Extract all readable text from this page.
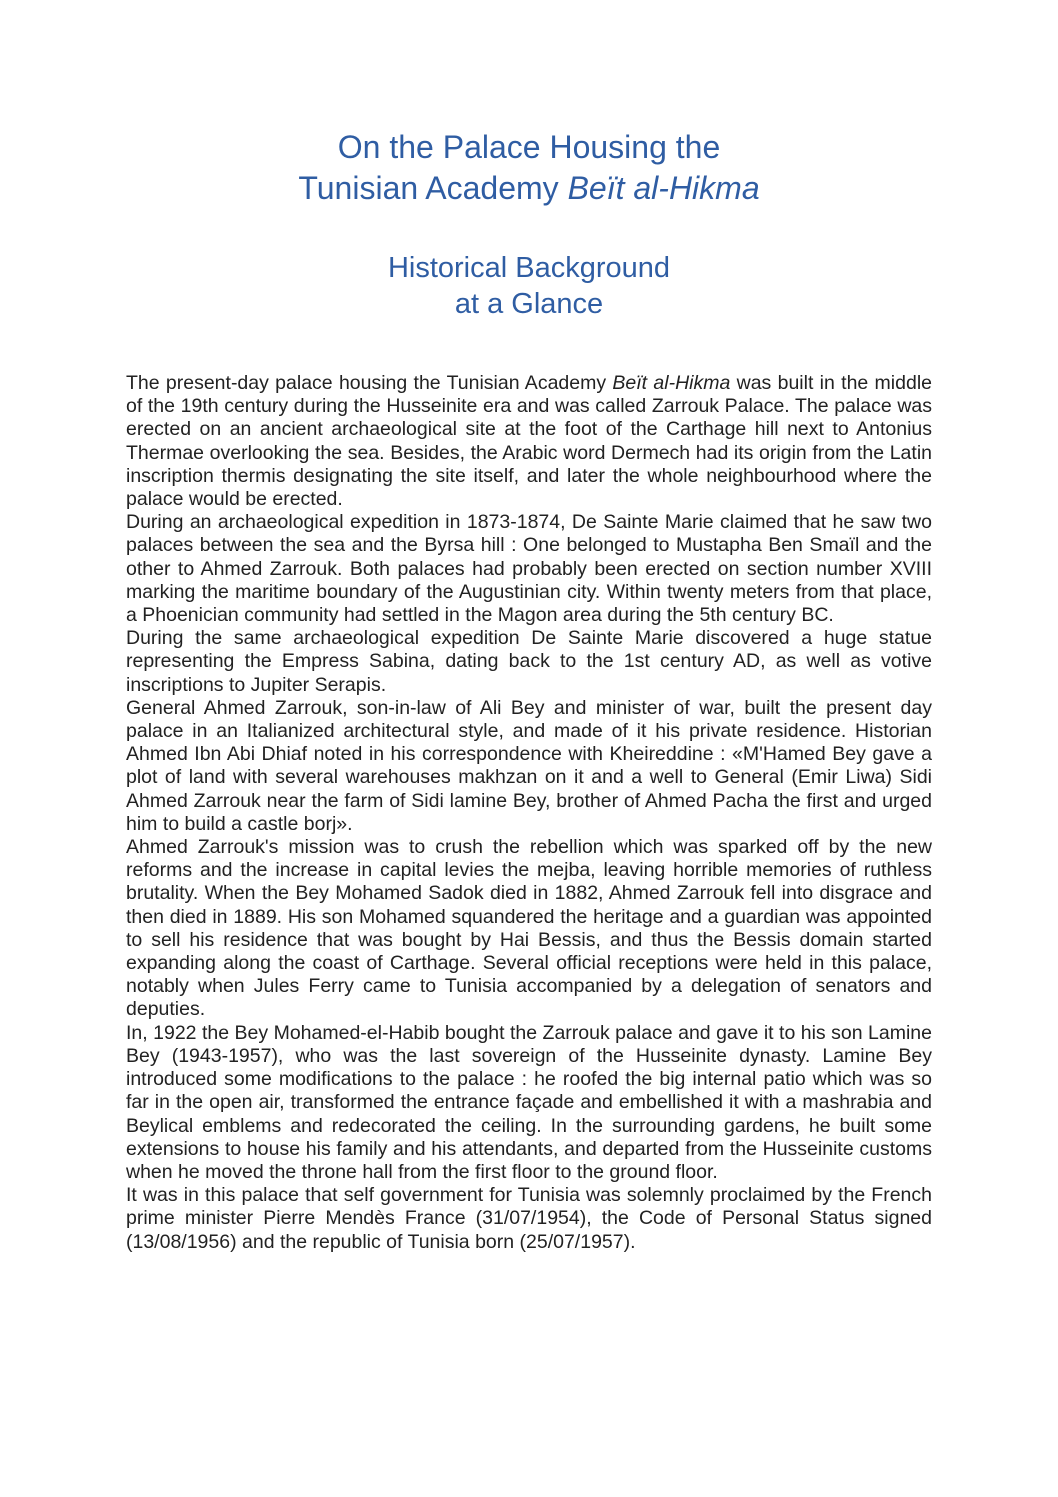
On the Palace Housing the
Tunisian Academy Beït al-Hikma
Historical Background
at a Glance

The present-day palace housing the Tunisian Academy Beït al-Hikma was built in the middle of the 19th century during the Husseinite era and was called Zarrouk Palace. The palace was erected on an ancient archaeological site at the foot of the Carthage hill next to Antonius Thermae overlooking the sea. Besides, the Arabic word Dermech had its origin from the Latin inscription thermis designating the site itself, and later the whole neighbourhood where the palace would be erected.

During an archaeological expedition in 1873-1874, De Sainte Marie claimed that he saw two palaces between the sea and the Byrsa hill : One belonged to Mustapha Ben Smaïl and the other to Ahmed Zarrouk. Both palaces had probably been erected on section number XVIII marking the maritime boundary of the Augustinian city. Within twenty meters from that place, a Phoenician community had settled in the Magon area during the 5th century BC.

During the same archaeological expedition De Sainte Marie discovered a huge statue representing the Empress Sabina, dating back to the 1st century AD, as well as votive inscriptions to Jupiter Serapis.

General Ahmed Zarrouk, son-in-law of Ali Bey and minister of war, built the present day palace in an Italianized architectural style, and made of it his private residence. Historian Ahmed Ibn Abi Dhiaf noted in his correspondence with Kheireddine : «M'Hamed Bey gave a plot of land with several warehouses makhzan on it and a well to General (Emir Liwa) Sidi Ahmed Zarrouk near the farm of Sidi lamine Bey, brother of Ahmed Pacha the first and urged him to build a castle borj».

Ahmed Zarrouk's mission was to crush the rebellion which was sparked off by the new reforms and the increase in capital levies the mejba, leaving horrible memories of ruthless brutality. When the Bey Mohamed Sadok died in 1882, Ahmed Zarrouk fell into disgrace and then died in 1889. His son Mohamed squandered the heritage and a guardian was appointed to sell his residence that was bought by Hai Bessis, and thus the Bessis domain started expanding along the coast of Carthage. Several official receptions were held in this palace, notably when Jules Ferry came to Tunisia accompanied by a delegation of senators and deputies.

In, 1922 the Bey Mohamed-el-Habib bought the Zarrouk palace and gave it to his son Lamine Bey (1943-1957), who was the last sovereign of the Husseinite dynasty. Lamine Bey introduced some modifications to the palace : he roofed the big internal patio which was so far in the open air, transformed the entrance façade and embellished it with a mashrabia and Beylical emblems and redecorated the ceiling. In the surrounding gardens, he built some extensions to house his family and his attendants, and departed from the Husseinite customs when he moved the throne hall from the first floor to the ground floor.

It was in this palace that self government for Tunisia was solemnly proclaimed by the French prime minister Pierre Mendès France (31/07/1954), the Code of Personal Status signed (13/08/1956) and the republic of Tunisia born (25/07/1957).
